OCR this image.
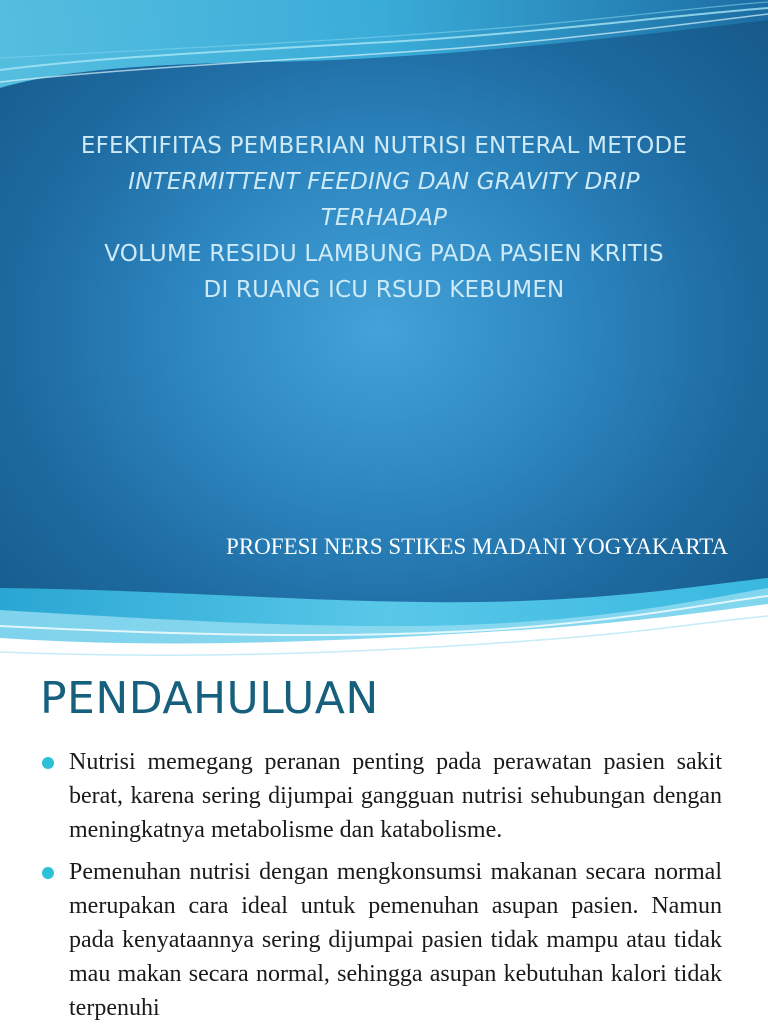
EFEKTIFITAS PEMBERIAN NUTRISI ENTERAL METODE
INTERMITTENT FEEDING DAN GRAVITY DRIP
TERHADAP
VOLUME RESIDU LAMBUNG PADA PASIEN KRITIS
DI RUANG ICU RSUD KEBUMEN
PROFESI NERS STIKES MADANI YOGYAKARTA
PENDAHULUAN
Nutrisi memegang peranan penting pada perawatan pasien sakit berat, karena sering dijumpai gangguan nutrisi sehubungan dengan meningkatnya metabolisme dan katabolisme.
Pemenuhan nutrisi dengan mengkonsumsi makanan secara normal merupakan cara ideal untuk pemenuhan asupan pasien. Namun pada kenyataannya sering dijumpai pasien tidak mampu atau tidak mau makan secara normal, sehingga asupan kebutuhan kalori tidak terpenuhi
